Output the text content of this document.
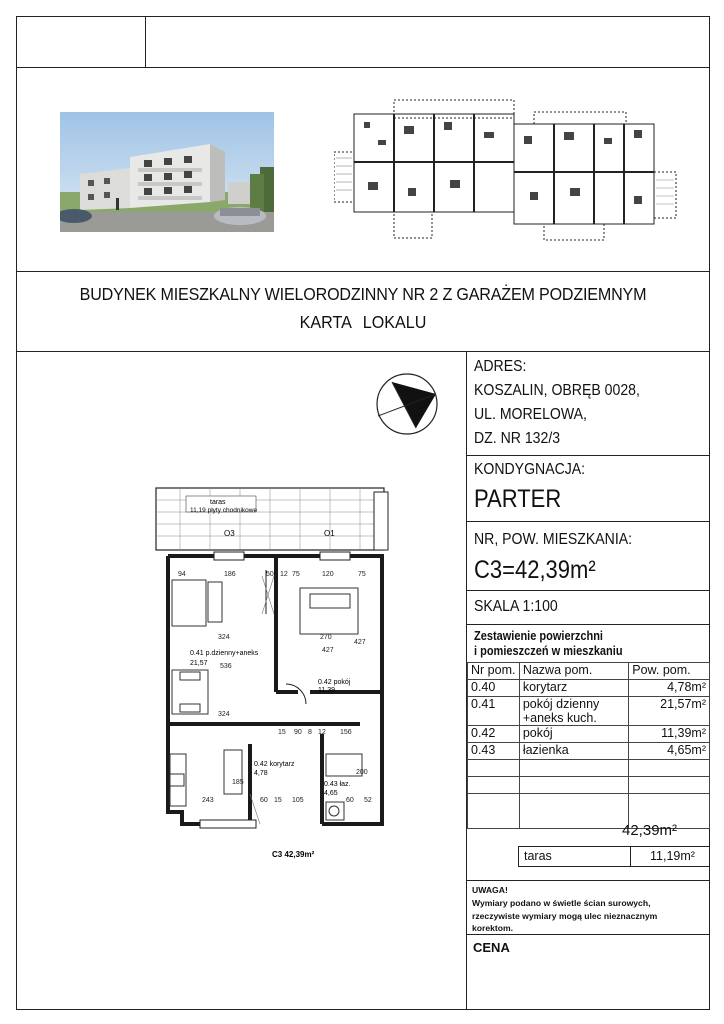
BUDYNEK MIESZKALNY WIELORODZINNY NR 2 Z GARAŻEM PODZIEMNYM
KARTA LOKALU
ADRES:
KOSZALIN, OBRĘB 0028,
UL. MORELOWA,
DZ. NR 132/3
KONDYGNACJA:
PARTER
NR, POW. MIESZKANIA:
C3=42,39m²
SKALA 1:100
Zestawienie powierzchni
i pomieszczeń w mieszkaniu
Nr pom.	Nazwa pom.	Pow. pom.
0.40	korytarz	4,78m²
0.41	pokój dzienny
+aneks kuch.	21,57m²
0.42	pokój	11,39m²
0.43	łazienka	4,65m²

42,39m²
taras	11,19m²
UWAGA!
Wymiary podano w świetle ścian surowych,
rzeczywiste wymiary mogą ulec nieznacznym
korektom.
CENA
taras
11,19 płyty chodnikowe
O3	O1
0.41 p.dzienny+aneks
21,57
0.42 pokój
11,39
0.42 korytarz
4,78
0.43 łaz.
4,65
94	186	50 12 75	120	75
324	270
427
427
536
324
15 90 8 12 156
185
200
243	60 15 105	60 52
C3 42,39m²
